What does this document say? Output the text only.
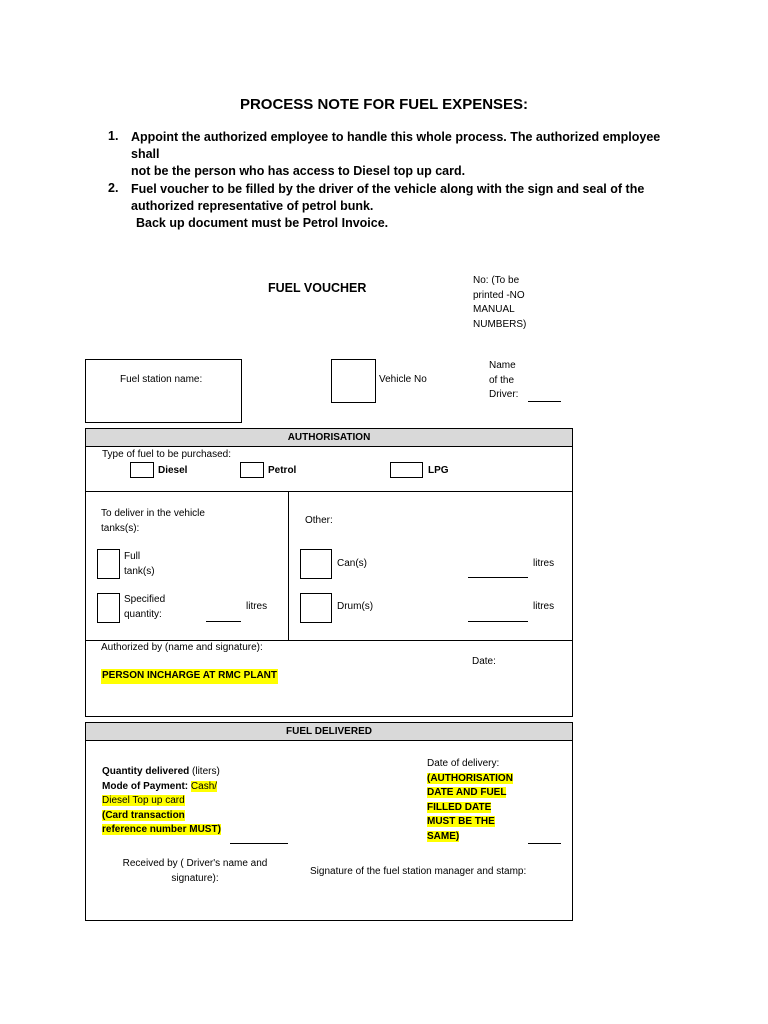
PROCESS NOTE FOR FUEL EXPENSES:
1. Appoint the authorized employee to handle this whole process. The authorized employee shall
not be the person who has access to Diesel top up card.
2. Fuel voucher to be filled by the driver of the vehicle along with the sign and seal of the
authorized representative of petrol bunk.
Back up document must be Petrol Invoice.
FUEL VOUCHER
No: (To be
printed -NO
MANUAL
NUMBERS)
Fuel station name:	Vehicle No
Name
of the
Driver:
AUTHORISATION
Type of fuel to be purchased:
Diesel	Petrol	LPG
To deliver in the vehicle
tanks(s):
Full
tank(s)
Specified
quantity:
litres
Other:
Can(s)	litres
Drum(s)	litres
Authorized by (name and signature):
PERSON INCHARGE AT RMC PLANT
Date:
FUEL DELIVERED
Quantity delivered (liters)
Mode of Payment: Cash/
Diesel Top up card
(Card transaction
reference number MUST)
Date of delivery:
(AUTHORISATION
DATE AND FUEL
FILLED DATE
MUST BE THE
SAME)
Received by ( Driver's name and
signature):
Signature of the fuel station manager and stamp:
